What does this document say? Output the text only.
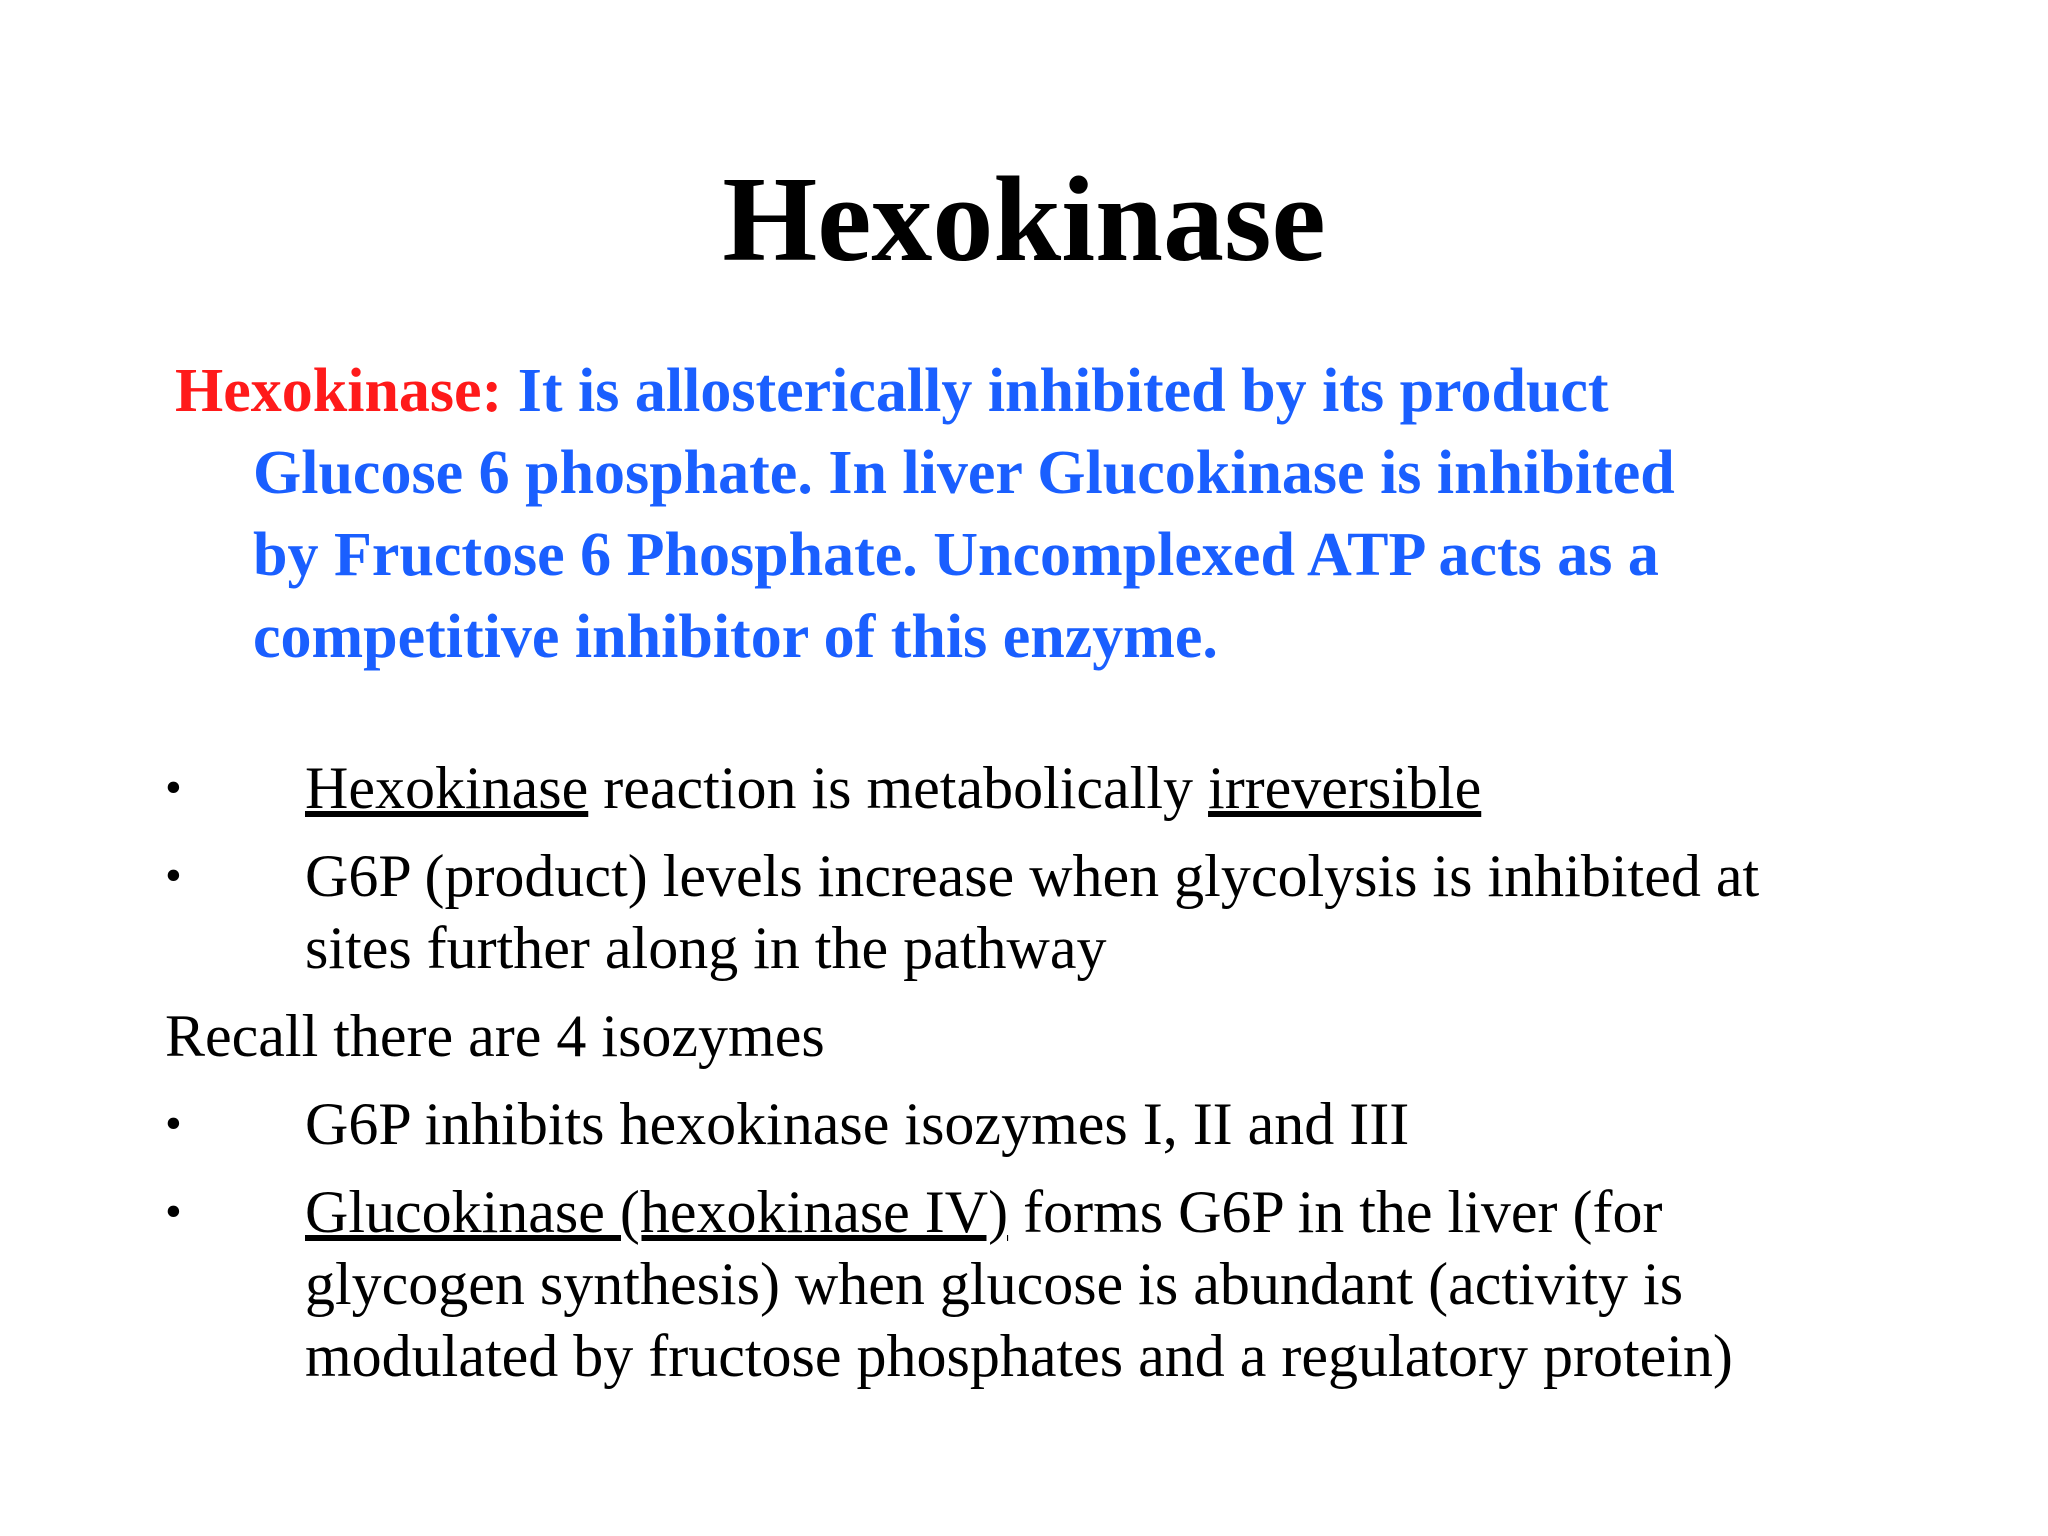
Hexokinase
Hexokinase: It is allosterically inhibited by its product
Glucose 6 phosphate. In liver Glucokinase is inhibited
by Fructose 6 Phosphate. Uncomplexed ATP acts as a
competitive inhibitor of this enzyme.
• Hexokinase reaction is metabolically irreversible
• G6P (product) levels increase when glycolysis is inhibited at
sites further along in the pathway
Recall there are 4 isozymes
• G6P inhibits hexokinase isozymes I, II and III
• Glucokinase (hexokinase IV) forms G6P in the liver (for
glycogen synthesis) when glucose is abundant (activity is
modulated by fructose phosphates and a regulatory protein)
